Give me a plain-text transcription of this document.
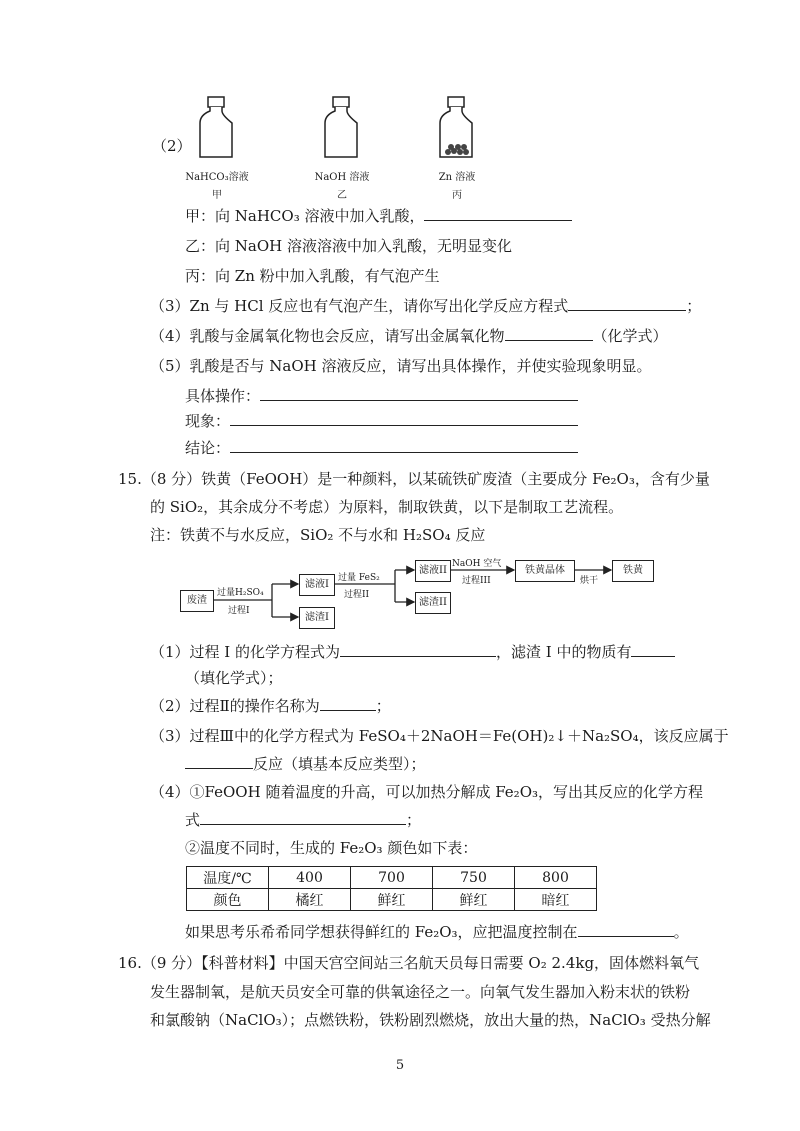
（2）
NaHCO₃溶液
甲
NaOH 溶液
乙
Zn 溶液
丙
甲：向 NaHCO₃ 溶液中加入乳酸，
乙：向 NaOH 溶液溶液中加入乳酸，无明显变化
丙：向 Zn 粉中加入乳酸，有气泡产生
（3）Zn 与 HCl 反应也有气泡产生，请你写出化学反应方程式	；
（4）乳酸与金属氧化物也会反应，请写出金属氧化物	（化学式）
（5）乳酸是否与 NaOH 溶液反应，请写出具体操作，并使实验现象明显。
具体操作：
现象：
结论：
15.（8 分）铁黄（FeOOH）是一种颜料，以某硫铁矿废渣（主要成分 Fe₂O₃，含有少量
的 SiO₂，其余成分不考虑）为原料，制取铁黄，以下是制取工艺流程。
注：铁黄不与水反应，SiO₂ 不与水和 H₂SO₄ 反应
废渣
滤液I
滤渣I
滤液II
滤渣II
铁黄晶体	铁黄
过量H₂SO₄
过程I
过量 FeS₂
过程II
NaOH 空气
过程III	烘干
（1）过程 I 的化学方程式为	，滤渣 I 中的物质有
（填化学式）；
（2）过程Ⅱ的操作名称为	；
（3）过程Ⅲ中的化学方程式为 FeSO₄＋2NaOH＝Fe(OH)₂↓＋Na₂SO₄，该反应属于
反应（填基本反应类型）；
（4）①FeOOH 随着温度的升高，可以加热分解成 Fe₂O₃，写出其反应的化学方程
式	；
②温度不同时，生成的 Fe₂O₃ 颜色如下表：
温度/℃	400	700	750	800
颜色	橘红	鲜红	鲜红	暗红
如果思考乐希希同学想获得鲜红的 Fe₂O₃，应把温度控制在	。
16.（9 分）【科普材料】中国天宫空间站三名航天员每日需要 O₂ 2.4kg，固体燃料氧气
发生器制氧，是航天员安全可靠的供氧途径之一。向氧气发生器加入粉末状的铁粉
和氯酸钠（NaClO₃）；点燃铁粉，铁粉剧烈燃烧，放出大量的热，NaClO₃ 受热分解
5
